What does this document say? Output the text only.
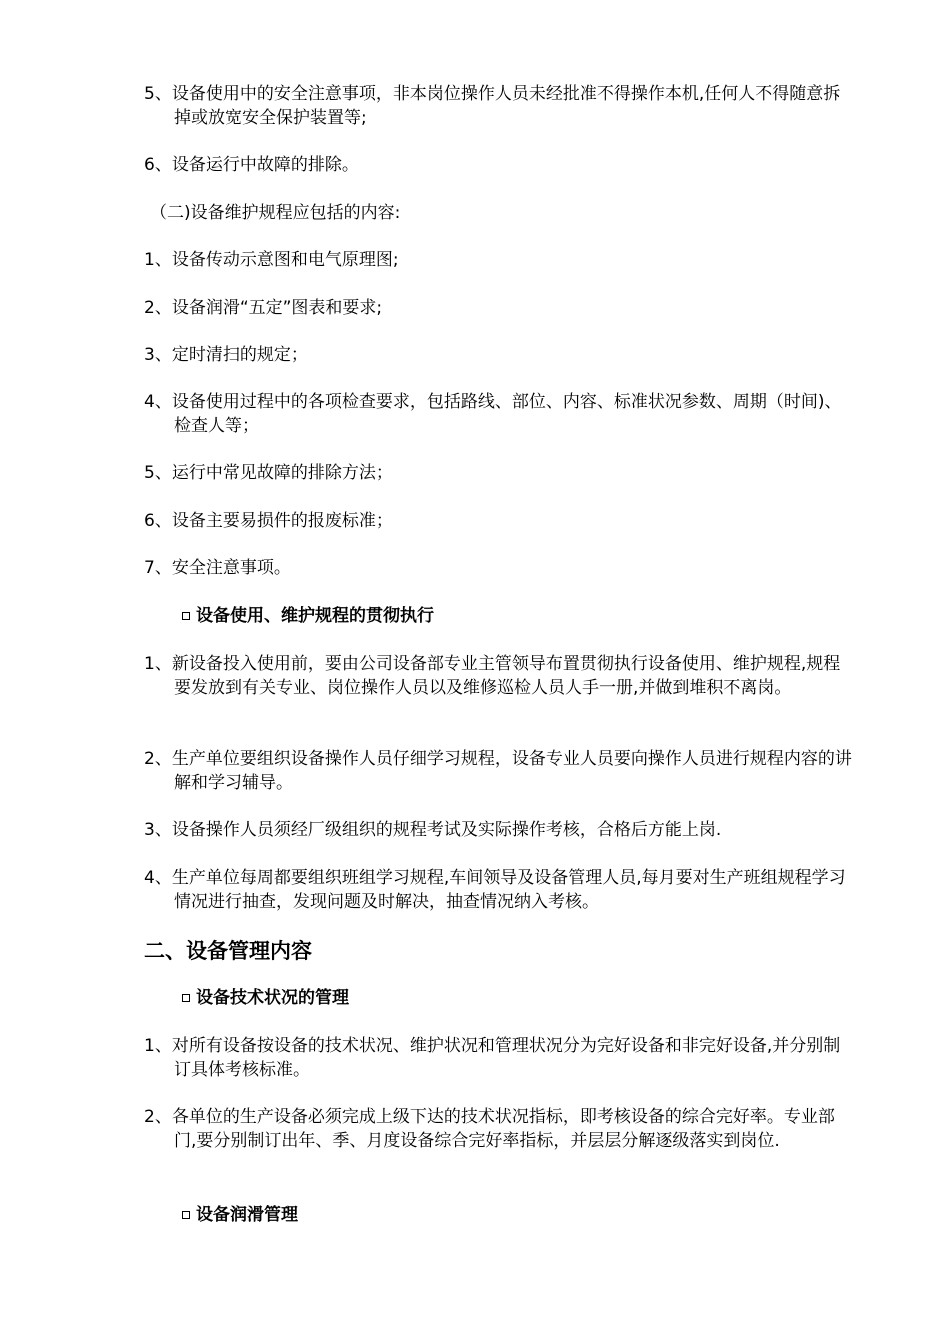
5、设备使用中的安全注意事项，非本岗位操作人员未经批准不得操作本机,任何人不得随意拆掉或放宽安全保护装置等;
6、设备运行中故障的排除。
（二)设备维护规程应包括的内容:
1、设备传动示意图和电气原理图;
2、设备润滑“五定”图表和要求;
3、定时清扫的规定；
4、设备使用过程中的各项检查要求，包括路线、部位、内容、标准状况参数、周期（时间)、检查人等；
5、运行中常见故障的排除方法；
6、设备主要易损件的报废标准；
7、安全注意事项。
设备使用、维护规程的贯彻执行
1、新设备投入使用前，要由公司设备部专业主管领导布置贯彻执行设备使用、维护规程,规程要发放到有关专业、岗位操作人员以及维修巡检人员人手一册,并做到堆积不离岗。
2、生产单位要组织设备操作人员仔细学习规程，设备专业人员要向操作人员进行规程内容的讲解和学习辅导。
3、设备操作人员须经厂级组织的规程考试及实际操作考核，合格后方能上岗.
4、生产单位每周都要组织班组学习规程,车间领导及设备管理人员,每月要对生产班组规程学习情况进行抽查，发现问题及时解决，抽查情况纳入考核。
二、设备管理内容
设备技术状况的管理
1、对所有设备按设备的技术状况、维护状况和管理状况分为完好设备和非完好设备,并分别制订具体考核标准。
2、各单位的生产设备必须完成上级下达的技术状况指标，即考核设备的综合完好率。专业部门,要分别制订出年、季、月度设备综合完好率指标，并层层分解逐级落实到岗位.
设备润滑管理
